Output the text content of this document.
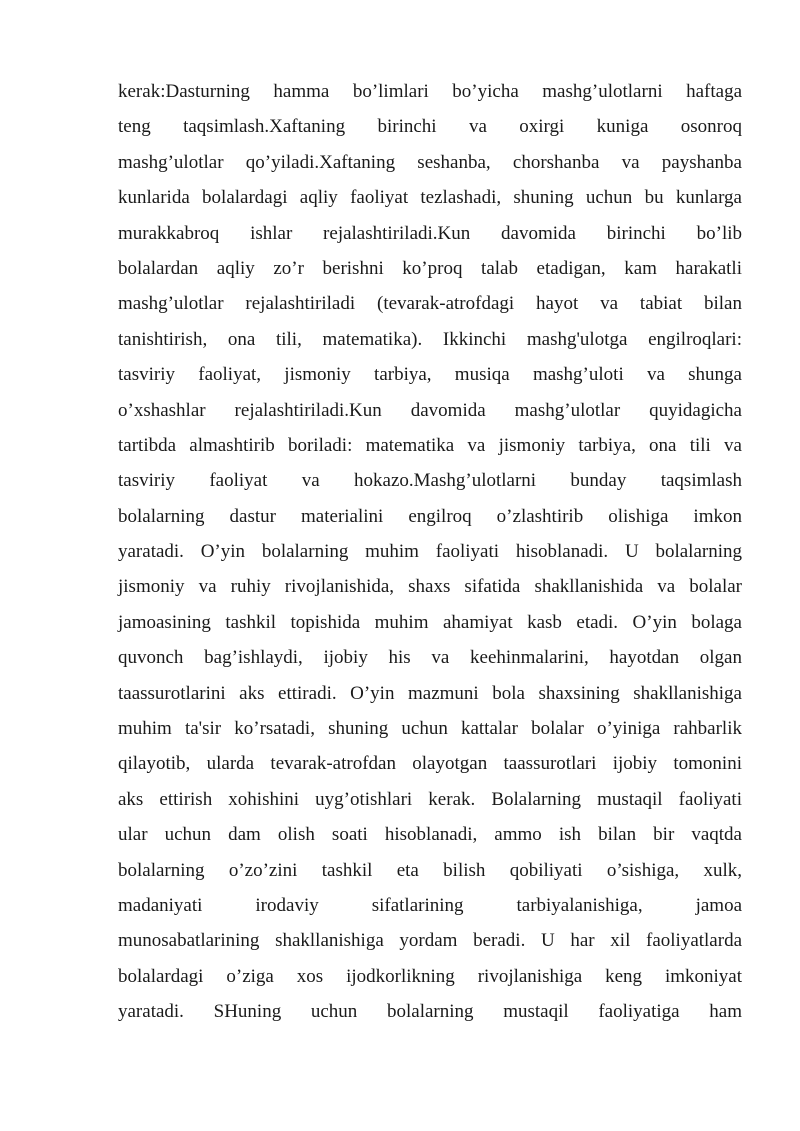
kerak:Dasturning hamma bo’limlari bo’yicha mashg’ulotlarni haftaga
teng taqsimlash.Xaftaning birinchi va oxirgi kuniga osonroq
mashg’ulotlar qo’yiladi.Xaftaning seshanba, chorshanba va payshanba
kunlarida bolalardagi aqliy faoliyat tezlashadi, shuning uchun bu kunlarga
murakkabroq ishlar rejalashtiriladi.Kun davomida birinchi bo’lib
bolalardan aqliy zo’r berishni ko’proq talab etadigan, kam harakatli
mashg’ulotlar rejalashtiriladi (tevarak-atrofdagi hayot va tabiat bilan
tanishtirish, ona tili, matematika). Ikkinchi mashg'ulotga engilroqlari:
tasviriy faoliyat, jismoniy tarbiya, musiqa mashg’uloti va shunga
o’xshashlar rejalashtiriladi.Kun davomida mashg’ulotlar quyidagicha
tartibda almashtirib boriladi: matematika va jismoniy tarbiya, ona tili va
tasviriy faoliyat va hokazo.Mashg’ulotlarni bunday taqsimlash
bolalarning dastur materialini engilroq o’zlashtirib olishiga imkon
yaratadi. O’yin bolalarning muhim faoliyati hisoblanadi. U bolalarning
jismoniy va ruhiy rivojlanishida, shaxs sifatida shakllanishida va bolalar
jamoasining tashkil topishida muhim ahamiyat kasb etadi. O’yin bolaga
quvonch bag’ishlaydi, ijobiy his va keehinmalarini, hayotdan olgan
taassurotlarini aks ettiradi. O’yin mazmuni bola shaxsining shakllanishiga
muhim ta'sir ko’rsatadi, shuning uchun kattalar bolalar o’yiniga rahbarlik
qilayotib, ularda tevarak-atrofdan olayotgan taassurotlari ijobiy tomonini
aks ettirish xohishini uyg’otishlari kerak. Bolalarning mustaqil faoliyati
ular uchun dam olish soati hisoblanadi, ammo ish bilan bir vaqtda
bolalarning o’zo’zini tashkil eta bilish qobiliyati o’sishiga, xulk,
madaniyati irodaviy sifatlarining tarbiyalanishiga, jamoa
munosabatlarining shakllanishiga yordam beradi. U har xil faoliyatlarda
bolalardagi o’ziga xos ijodkorlikning rivojlanishiga keng imkoniyat
yaratadi. SHuning uchun bolalarning mustaqil faoliyatiga ham
